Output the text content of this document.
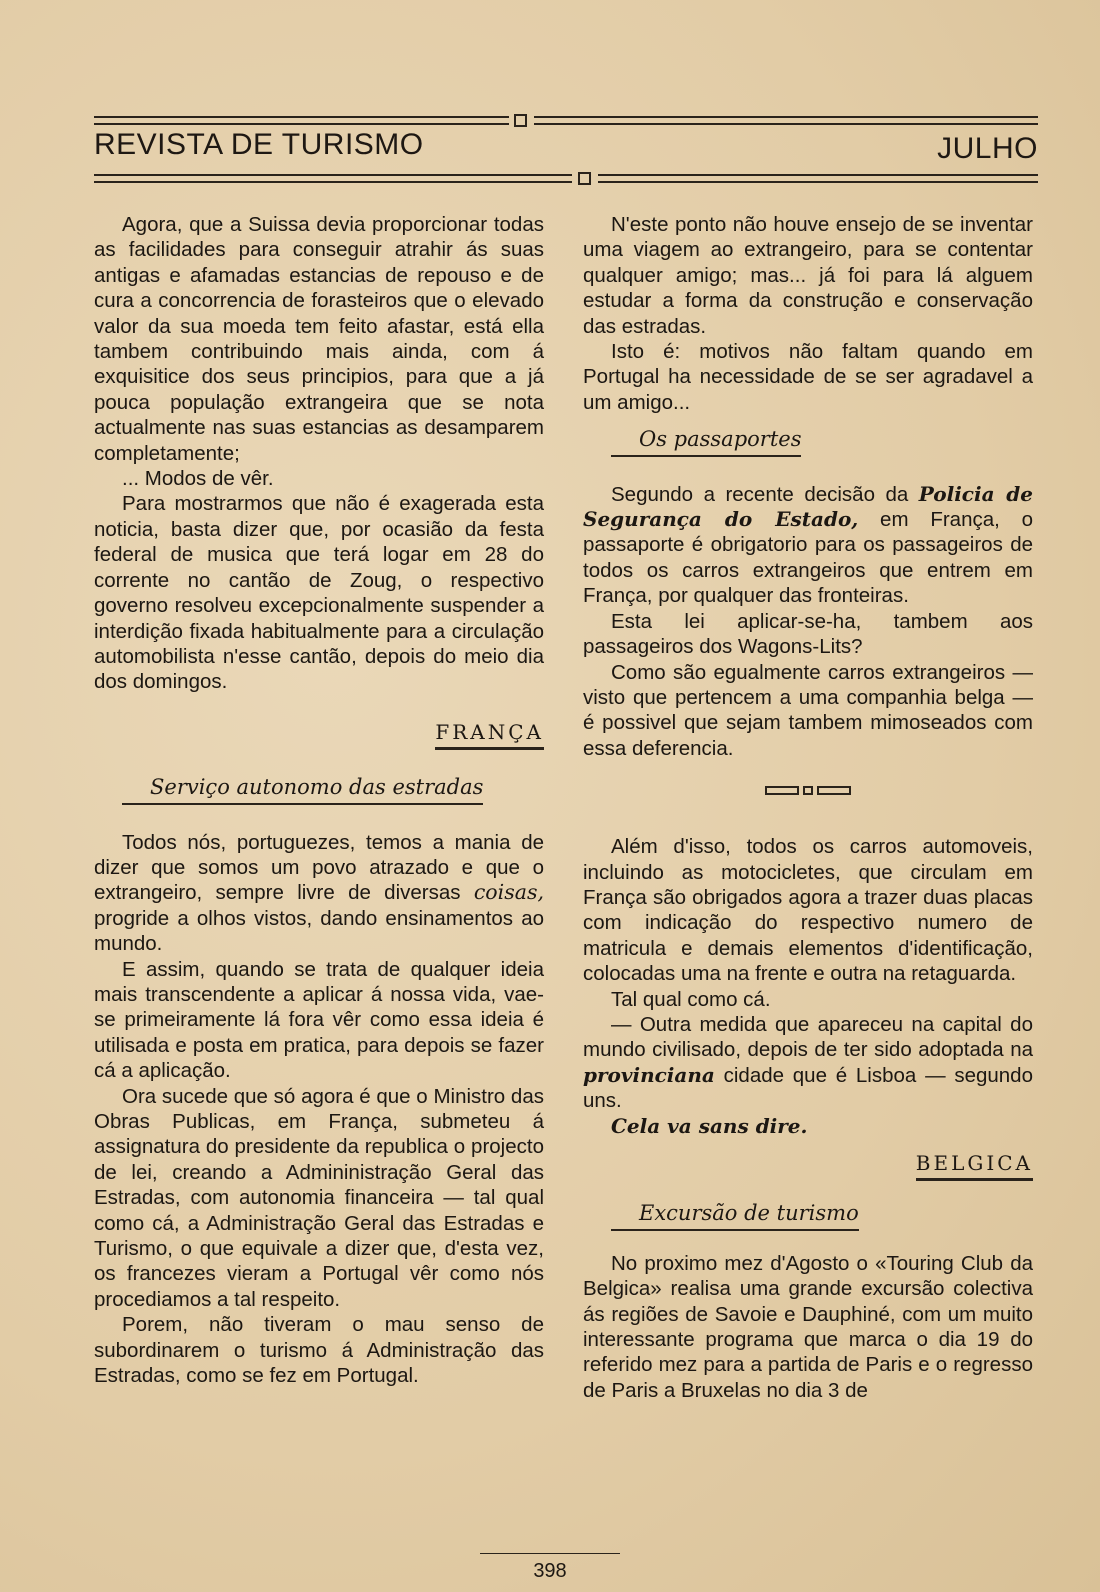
REVISTA DE TURISMO	JULHO

Agora, que a Suissa devia proporcionar todas as facilidades para conseguir atrahir ás suas antigas e afamadas estancias de repouso e de cura a concorrencia de forasteiros que o elevado valor da sua moeda tem feito afastar, está ella tambem contribuindo mais ainda, com á exquisitice dos seus principios, para que a já pouca população extrangeira que se nota actualmente nas suas estancias as desamparem completamente;

... Modos de vêr.

Para mostrarmos que não é exagerada esta noticia, basta dizer que, por ocasião da festa federal de musica que terá logar em 28 do corrente no cantão de Zoug, o respectivo governo resolveu excepcionalmente suspender a interdição fixada habitualmente para a circulação automobilista n'esse cantão, depois do meio dia dos domingos.

FRANÇA

Serviço autonomo das estradas

Todos nós, portuguezes, temos a mania de dizer que somos um povo atrazado e que o extrangeiro, sempre livre de diversas coisas, progride a olhos vistos, dando ensinamentos ao mundo.

E assim, quando se trata de qualquer ideia mais transcendente a aplicar á nossa vida, vae-se primeiramente lá fora vêr como essa ideia é utilisada e posta em pratica, para depois se fazer cá a aplicação.

Ora sucede que só agora é que o Ministro das Obras Publicas, em França, submeteu á assignatura do presidente da republica o projecto de lei, creando a Admininistração Geral das Estradas, com autonomia financeira — tal qual como cá, a Administração Geral das Estradas e Turismo, o que equivale a dizer que, d'esta vez, os francezes vieram a Portugal vêr como nós procediamos a tal respeito.

Porem, não tiveram o mau senso de subordinarem o turismo á Administração das Estradas, como se fez em Portugal.

N'este ponto não houve ensejo de se inventar uma viagem ao extrangeiro, para se contentar qualquer amigo; mas... já foi para lá alguem estudar a forma da construção e conservação das estradas.

Isto é: motivos não faltam quando em Portugal ha necessidade de se ser agradavel a um amigo...

Os passaportes

Segundo a recente decisão da Policia de Segurança do Estado, em França, o passaporte é obrigatorio para os passageiros de todos os carros extrangeiros que entrem em França, por qualquer das fronteiras.

Esta lei aplicar-se-ha, tambem aos passageiros dos Wagons-Lits?

Como são egualmente carros extrangeiros — visto que pertencem a uma companhia belga — é possivel que sejam tambem mimoseados com essa deferencia.

Além d'isso, todos os carros automoveis, incluindo as motocicletes, que circulam em França são obrigados agora a trazer duas placas com indicação do respectivo numero de matricula e demais elementos d'identificação, colocadas uma na frente e outra na retaguarda.

Tal qual como cá.

— Outra medida que apareceu na capital do mundo civilisado, depois de ter sido adoptada na provinciana cidade que é Lisboa — segundo uns.

Cela va sans dire.

BELGICA

Excursão de turismo

No proximo mez d'Agosto o «Touring Club da Belgica» realisa uma grande excursão colectiva ás regiões de Savoie e Dauphiné, com um muito interessante programa que marca o dia 19 do referido mez para a partida de Paris e o regresso de Paris a Bruxelas no dia 3 de

398
